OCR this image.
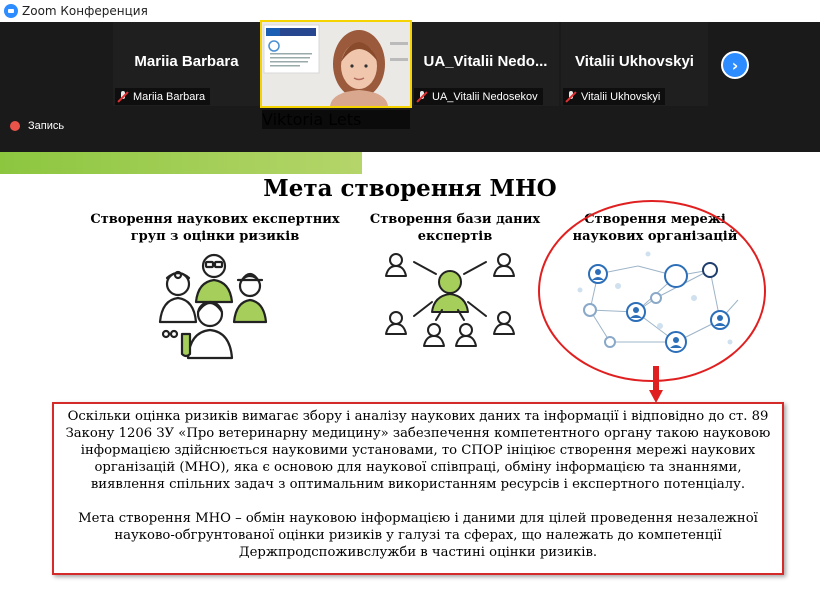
Zoom Конференция
Mariia Barbara
Mariia Barbara
Viktoria Lets
UA_Vitalii Nedo...
UA_Vitalii Nedosekov
Vitalii Ukhovskyi
Vitalii Ukhovskyi
›
Запись
Мета створення МНО
Створення наукових експертних
груп з оцінки ризиків
Створення бази даних
експертів
Створення мережі
наукових організацій

Оскільки оцінка ризиків вимагає збору і аналізу наукових даних та інформації і відповідно до ст. 89 Закону 1206 ЗУ «Про ветеринарну медицину» забезпечення компетентного органу такою науковою інформацією здійснюється науковими установами, то СПОР ініціює створення мережі наукових організацій (МНО), яка є основою для наукової співпраці, обміну інформацією та знаннями, виявлення спільних задач з оптимальним використанням ресурсів і експертного потенціалу.

Мета створення МНО – обмін науковою інформацією і даними для цілей проведення незалежної науково-обгрунтованої оцінки ризиків у галузі та сферах, що належать до компетенції Держпродспоживслужби в частині оцінки ризиків.
